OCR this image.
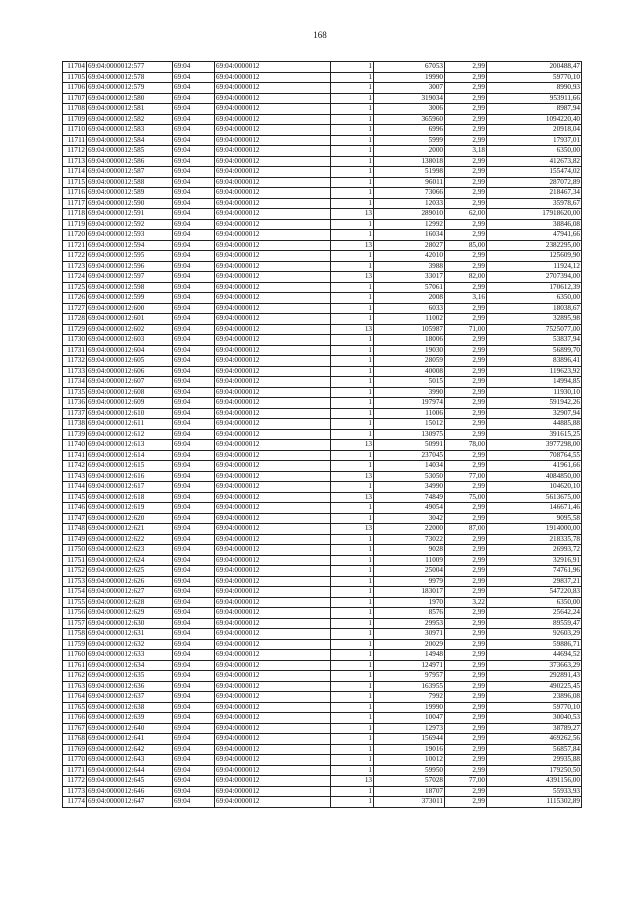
168
11704	69:04:0000012:577	69:04	69:04:0000012	1	67053	2,99	200488,47
11705	69:04:0000012:578	69:04	69:04:0000012	1	19990	2,99	59770,10
11706	69:04:0000012:579	69:04	69:04:0000012	1	3007	2,99	8990,93
11707	69:04:0000012:580	69:04	69:04:0000012	1	319034	2,99	953911,66
11708	69:04:0000012:581	69:04	69:04:0000012	1	3006	2,99	8987,94
11709	69:04:0000012:582	69:04	69:04:0000012	1	365960	2,99	1094220,40
11710	69:04:0000012:583	69:04	69:04:0000012	1	6996	2,99	20918,04
11711	69:04:0000012:584	69:04	69:04:0000012	1	5999	2,99	17937,01
11712	69:04:0000012:585	69:04	69:04:0000012	1	2000	3,18	6350,00
11713	69:04:0000012:586	69:04	69:04:0000012	1	138018	2,99	412673,82
11714	69:04:0000012:587	69:04	69:04:0000012	1	51998	2,99	155474,02
11715	69:04:0000012:588	69:04	69:04:0000012	1	96011	2,99	287072,89
11716	69:04:0000012:589	69:04	69:04:0000012	1	73066	2,99	218467,34
11717	69:04:0000012:590	69:04	69:04:0000012	1	12033	2,99	35978,67
11718	69:04:0000012:591	69:04	69:04:0000012	13	289010	62,00	17918620,00
11719	69:04:0000012:592	69:04	69:04:0000012	1	12992	2,99	38846,08
11720	69:04:0000012:593	69:04	69:04:0000012	1	16034	2,99	47941,66
11721	69:04:0000012:594	69:04	69:04:0000012	13	28027	85,00	2382295,00
11722	69:04:0000012:595	69:04	69:04:0000012	1	42010	2,99	125609,90
11723	69:04:0000012:596	69:04	69:04:0000012	1	3988	2,99	11924,12
11724	69:04:0000012:597	69:04	69:04:0000012	13	33017	82,00	2707394,00
11725	69:04:0000012:598	69:04	69:04:0000012	1	57061	2,99	170612,39
11726	69:04:0000012:599	69:04	69:04:0000012	1	2008	3,16	6350,00
11727	69:04:0000012:600	69:04	69:04:0000012	1	6033	2,99	18038,67
11728	69:04:0000012:601	69:04	69:04:0000012	1	11002	2,99	32895,98
11729	69:04:0000012:602	69:04	69:04:0000012	13	105987	71,00	7525077,00
11730	69:04:0000012:603	69:04	69:04:0000012	1	18006	2,99	53837,94
11731	69:04:0000012:604	69:04	69:04:0000012	1	19030	2,99	56899,70
11732	69:04:0000012:605	69:04	69:04:0000012	1	28059	2,99	83896,41
11733	69:04:0000012:606	69:04	69:04:0000012	1	40008	2,99	119623,92
11734	69:04:0000012:607	69:04	69:04:0000012	1	5015	2,99	14994,85
11735	69:04:0000012:608	69:04	69:04:0000012	1	3990	2,99	11930,10
11736	69:04:0000012:609	69:04	69:04:0000012	1	197974	2,99	591942,26
11737	69:04:0000012:610	69:04	69:04:0000012	1	11006	2,99	32907,94
11738	69:04:0000012:611	69:04	69:04:0000012	1	15012	2,99	44885,88
11739	69:04:0000012:612	69:04	69:04:0000012	1	130975	2,99	391615,25
11740	69:04:0000012:613	69:04	69:04:0000012	13	50991	78,00	3977298,00
11741	69:04:0000012:614	69:04	69:04:0000012	1	237045	2,99	708764,55
11742	69:04:0000012:615	69:04	69:04:0000012	1	14034	2,99	41961,66
11743	69:04:0000012:616	69:04	69:04:0000012	13	53050	77,00	4084850,00
11744	69:04:0000012:617	69:04	69:04:0000012	1	34990	2,99	104620,10
11745	69:04:0000012:618	69:04	69:04:0000012	13	74849	75,00	5613675,00
11746	69:04:0000012:619	69:04	69:04:0000012	1	49054	2,99	146671,46
11747	69:04:0000012:620	69:04	69:04:0000012	1	3042	2,99	9095,58
11748	69:04:0000012:621	69:04	69:04:0000012	13	22000	87,00	1914000,00
11749	69:04:0000012:622	69:04	69:04:0000012	1	73022	2,99	218335,78
11750	69:04:0000012:623	69:04	69:04:0000012	1	9028	2,99	26993,72
11751	69:04:0000012:624	69:04	69:04:0000012	1	11009	2,99	32916,91
11752	69:04:0000012:625	69:04	69:04:0000012	1	25004	2,99	74761,96
11753	69:04:0000012:626	69:04	69:04:0000012	1	9979	2,99	29837,21
11754	69:04:0000012:627	69:04	69:04:0000012	1	183017	2,99	547220,83
11755	69:04:0000012:628	69:04	69:04:0000012	1	1970	3,22	6350,00
11756	69:04:0000012:629	69:04	69:04:0000012	1	8576	2,99	25642,24
11757	69:04:0000012:630	69:04	69:04:0000012	1	29953	2,99	89559,47
11758	69:04:0000012:631	69:04	69:04:0000012	1	30971	2,99	92603,29
11759	69:04:0000012:632	69:04	69:04:0000012	1	20029	2,99	59886,71
11760	69:04:0000012:633	69:04	69:04:0000012	1	14948	2,99	44694,52
11761	69:04:0000012:634	69:04	69:04:0000012	1	124971	2,99	373663,29
11762	69:04:0000012:635	69:04	69:04:0000012	1	97957	2,99	292891,43
11763	69:04:0000012:636	69:04	69:04:0000012	1	163955	2,99	490225,45
11764	69:04:0000012:637	69:04	69:04:0000012	1	7992	2,99	23896,08
11765	69:04:0000012:638	69:04	69:04:0000012	1	19990	2,99	59770,10
11766	69:04:0000012:639	69:04	69:04:0000012	1	10047	2,99	30040,53
11767	69:04:0000012:640	69:04	69:04:0000012	1	12973	2,99	38789,27
11768	69:04:0000012:641	69:04	69:04:0000012	1	156944	2,99	469262,56
11769	69:04:0000012:642	69:04	69:04:0000012	1	19016	2,99	56857,84
11770	69:04:0000012:643	69:04	69:04:0000012	1	10012	2,99	29935,88
11771	69:04:0000012:644	69:04	69:04:0000012	1	59950	2,99	179250,50
11772	69:04:0000012:645	69:04	69:04:0000012	13	57028	77,00	4391156,00
11773	69:04:0000012:646	69:04	69:04:0000012	1	18707	2,99	55933,93
11774	69:04:0000012:647	69:04	69:04:0000012	1	373011	2,99	1115302,89
